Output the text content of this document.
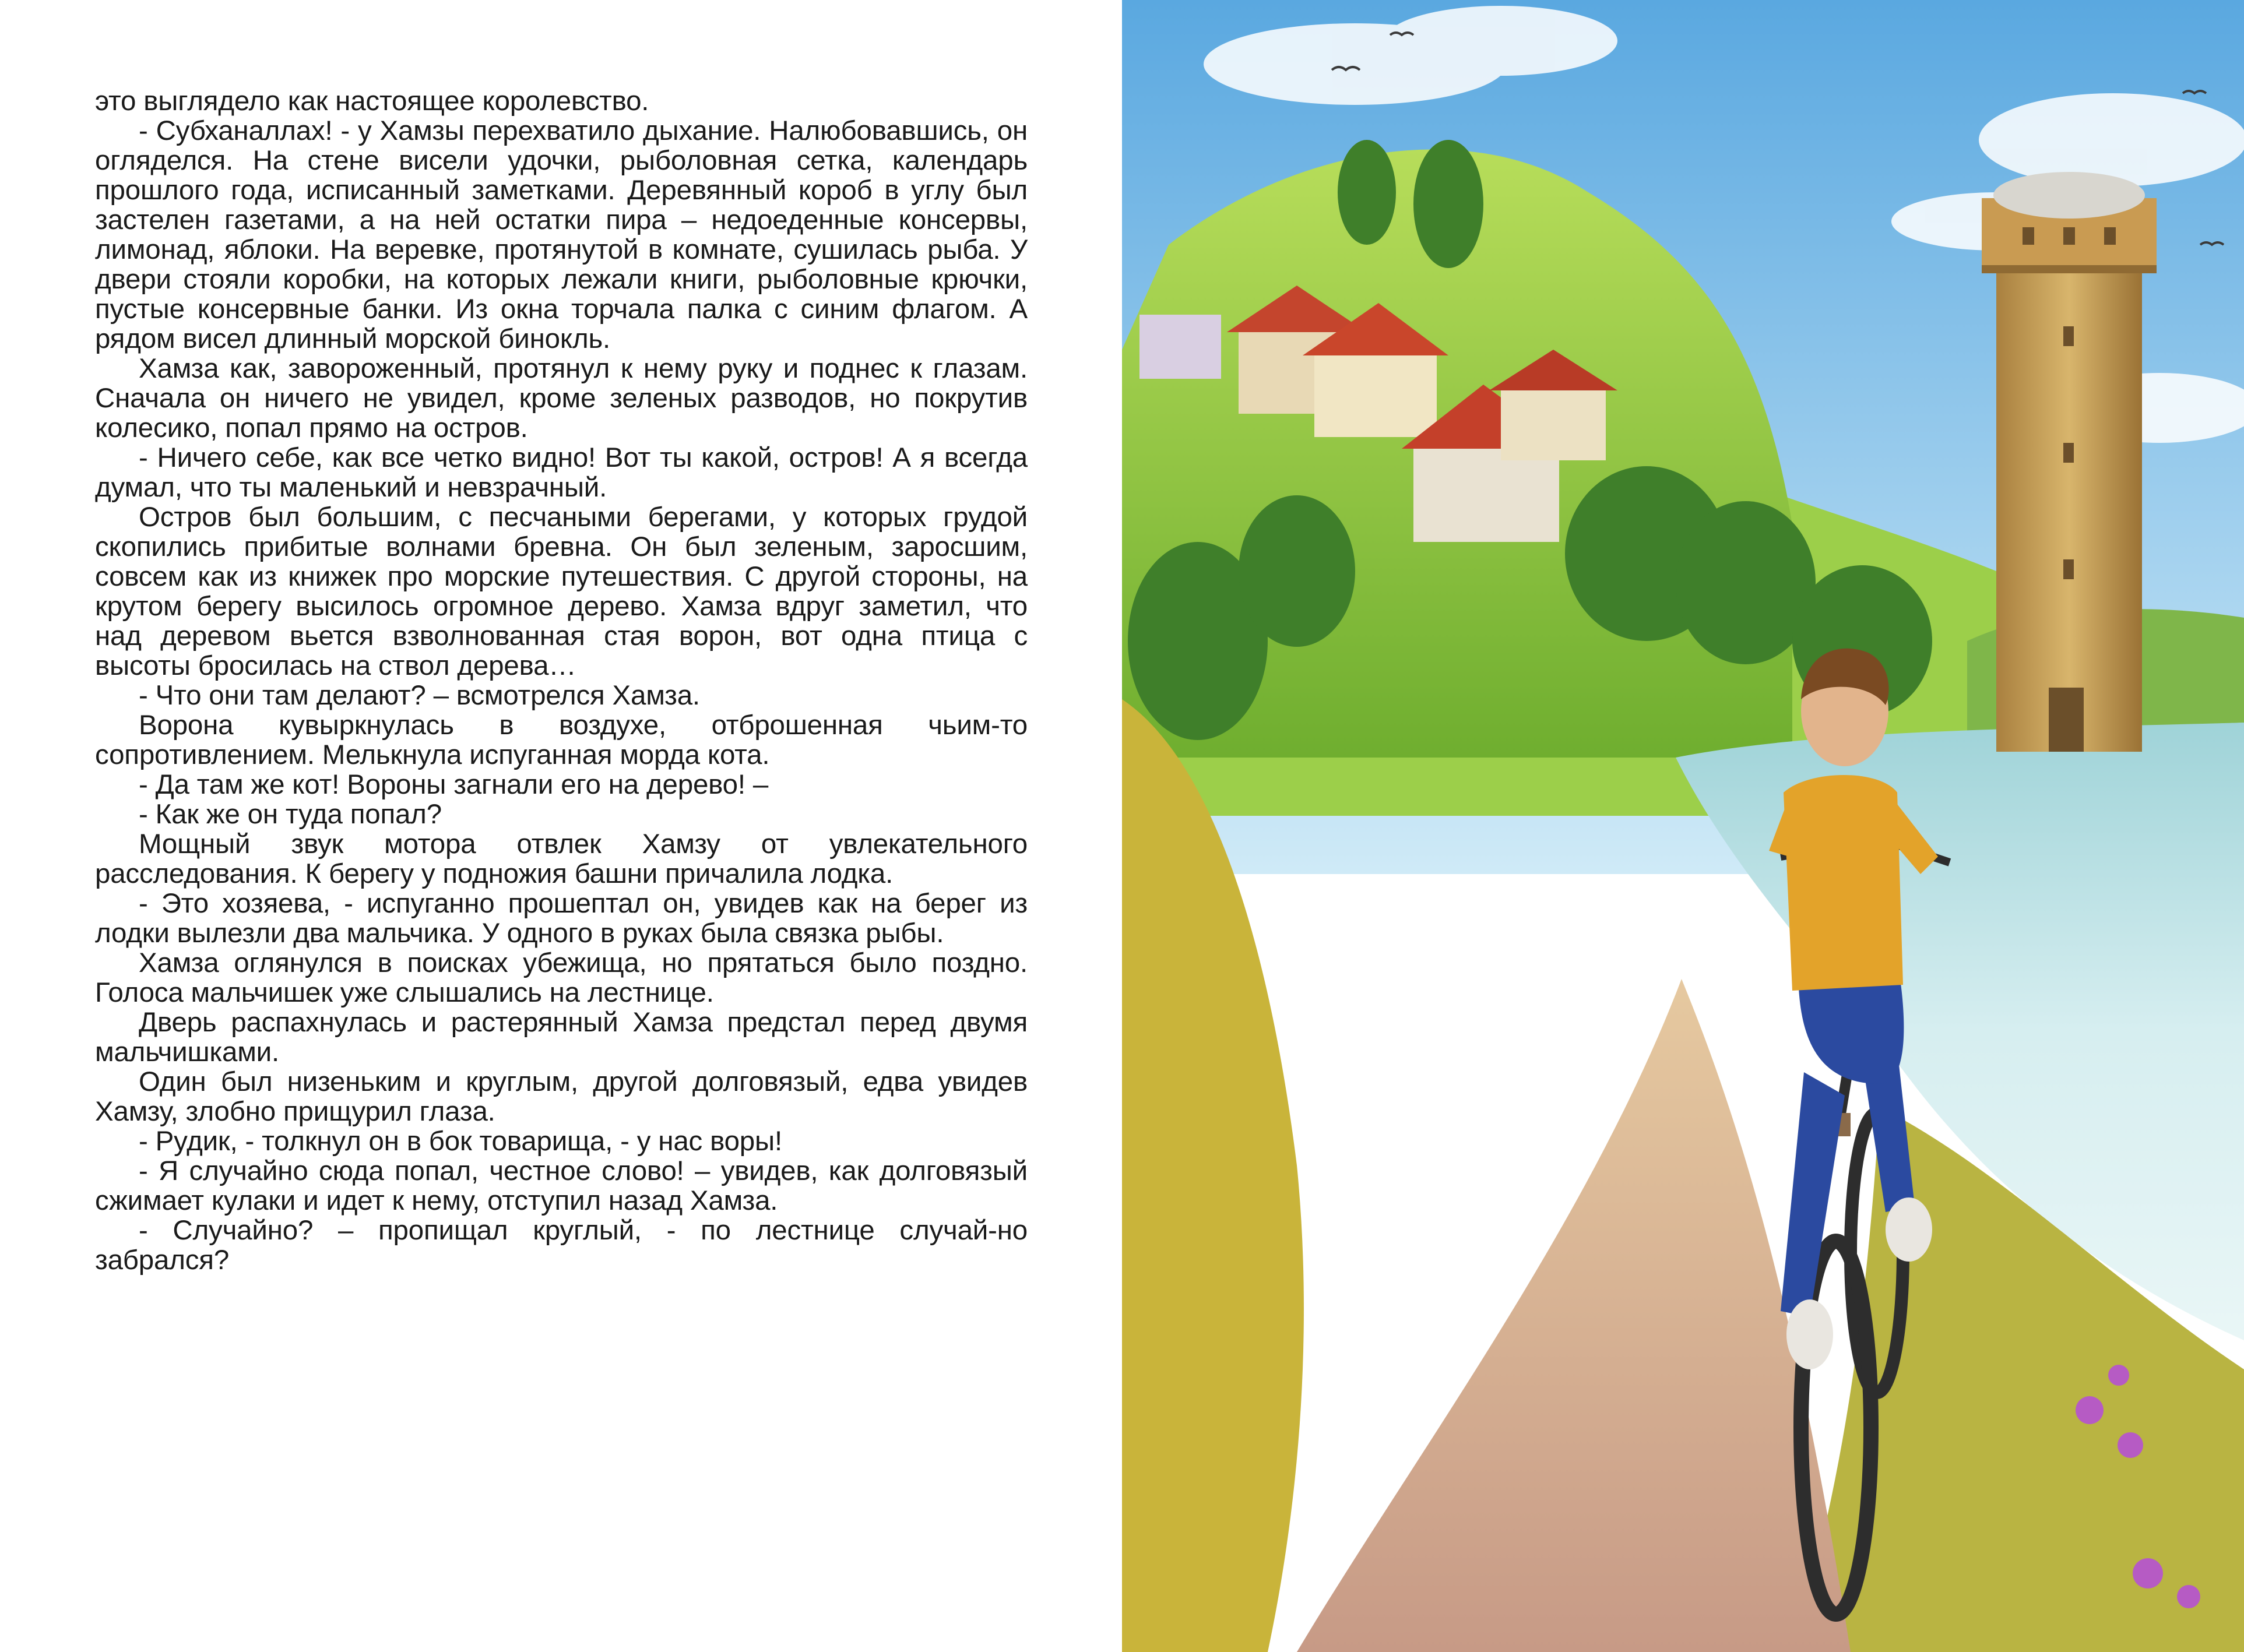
это выглядело как настоящее королевство.

- Субханаллах! - у Хамзы перехватило дыхание. Налюбовавшись, он огляделся. На стене висели удочки, рыболовная сетка, календарь прошлого года, исписанный заметками. Деревянный короб в углу был застелен газетами, а на ней остатки пира – недоеденные консервы, лимонад, яблоки. На веревке, протянутой в комнате, сушилась рыба. У двери стояли коробки, на которых лежали книги, рыболовные крючки, пустые консервные банки. Из окна торчала палка с синим флагом. А рядом висел длинный морской бинокль.

Хамза как, завороженный, протянул к нему руку и поднес к глазам. Сначала он ничего не увидел, кроме зеленых разводов, но покрутив колесико, попал прямо на остров.

- Ничего себе, как все четко видно! Вот ты какой, остров! А я всегда думал, что ты маленький и невзрачный.

Остров был большим, с песчаными берегами, у которых грудой скопились прибитые волнами бревна. Он был зеленым, заросшим, совсем как из книжек про морские путешествия. С другой стороны, на крутом берегу высилось огромное дерево. Хамза вдруг заметил, что над деревом вьется взволнованная стая ворон, вот одна птица с высоты бросилась на ствол дерева…

- Что они там делают? – всмотрелся Хамза.

Ворона кувыркнулась в воздухе, отброшенная чьим-то сопротивлением. Мелькнула испуганная морда кота.

- Да там же кот! Вороны загнали его на дерево! –

- Как же он туда попал?

Мощный звук мотора отвлек Хамзу от увлекательного расследования. К берегу у подножия башни причалила лодка.

- Это хозяева, - испуганно прошептал он, увидев как на берег из лодки вылезли два мальчика. У одного в руках была связка рыбы.

Хамза оглянулся в поисках убежища, но прятаться было поздно. Голоса мальчишек уже слышались на лестнице.

Дверь распахнулась и растерянный Хамза предстал перед двумя мальчишками.

Один был низеньким и круглым, другой долговязый, едва увидев Хамзу, злобно прищурил глаза.

- Рудик, - толкнул он в бок товарища, - у нас воры!

- Я случайно сюда попал, честное слово! – увидев, как долговязый сжимает кулаки и идет к нему, отступил назад Хамза.

- Случайно? – пропищал круглый, - по лестнице случай-но забрался?
